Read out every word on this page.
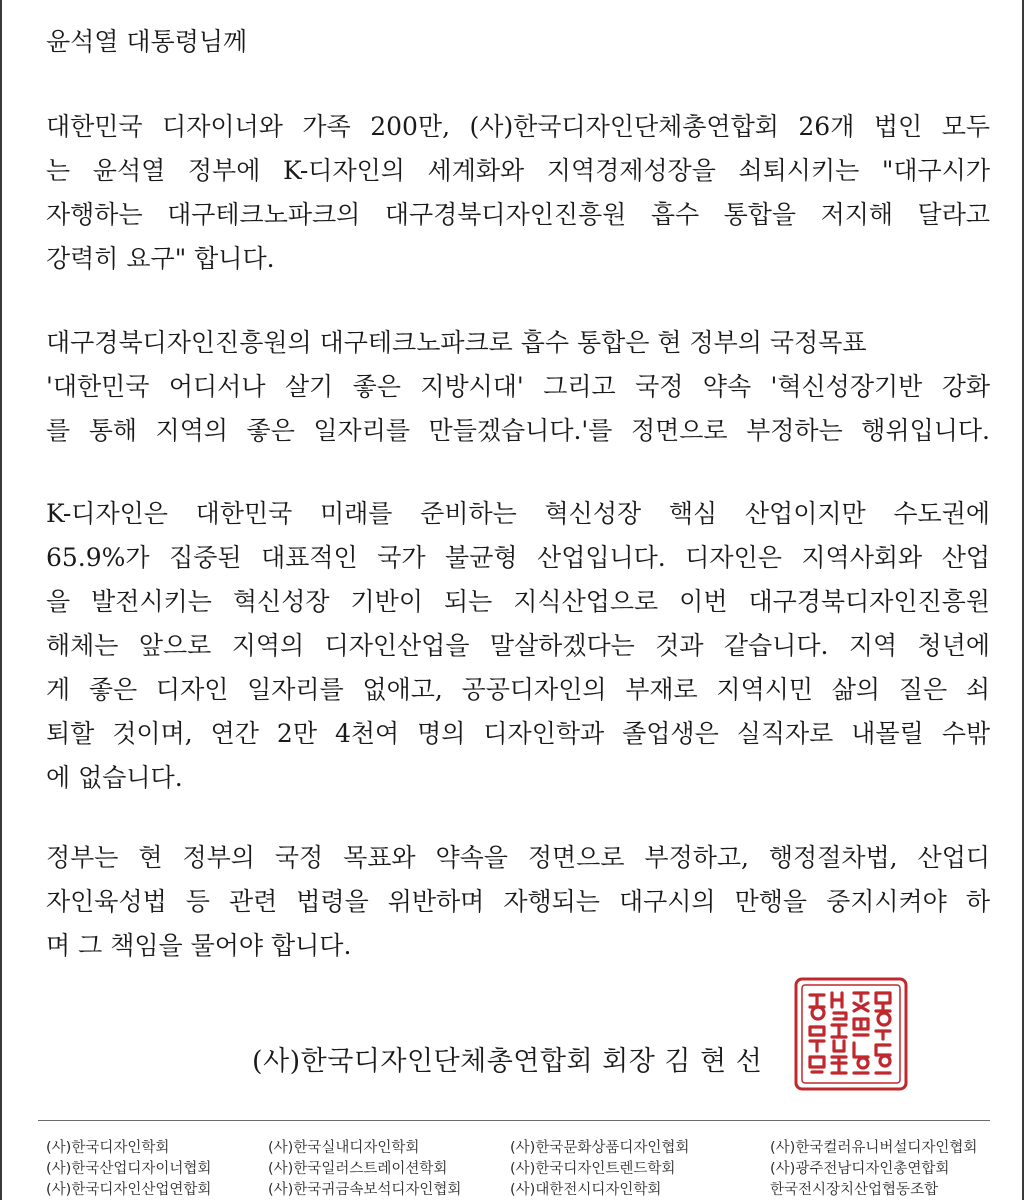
윤석열 대통령님께
대한민국 디자이너와 가족 200만, (사)한국디자인단체총연합회 26개 법인 모두
는 윤석열 정부에 K-디자인의 세계화와 지역경제성장을 쇠퇴시키는 "대구시가
자행하는 대구테크노파크의 대구경북디자인진흥원 흡수 통합을 저지해 달라고
강력히 요구" 합니다.
대구경북디자인진흥원의 대구테크노파크로 흡수 통합은 현 정부의 국정목표
'대한민국 어디서나 살기 좋은 지방시대' 그리고 국정 약속 '혁신성장기반 강화
를 통해 지역의 좋은 일자리를 만들겠습니다.'를 정면으로 부정하는 행위입니다.
K-디자인은 대한민국 미래를 준비하는 혁신성장 핵심 산업이지만 수도권에
65.9%가 집중된 대표적인 국가 불균형 산업입니다. 디자인은 지역사회와 산업
을 발전시키는 혁신성장 기반이 되는 지식산업으로 이번 대구경북디자인진흥원
해체는 앞으로 지역의 디자인산업을 말살하겠다는 것과 같습니다. 지역 청년에
게 좋은 디자인 일자리를 없애고, 공공디자인의 부재로 지역시민 삶의 질은 쇠
퇴할 것이며, 연간 2만 4천여 명의 디자인학과 졸업생은 실직자로 내몰릴 수밖
에 없습니다.
정부는 현 정부의 국정 목표와 약속을 정면으로 부정하고, 행정절차법, 산업디
자인육성법 등 관련 법령을 위반하며 자행되는 대구시의 만행을 중지시켜야 하
며 그 책임을 물어야 합니다.
(사)한국디자인단체총연합회 회장 김 현 선
(사)한국디자인학회	(사)한국실내디자인학회	(사)한국문화상품디자인협회	(사)한국컬러유니버설디자인협회
(사)한국산업디자이너협회	(사)한국일러스트레이션학회	(사)한국디자인트렌드학회	(사)광주전남디자인총연합회
(사)한국디자인산업연합회	(사)한국귀금속보석디자인협회	(사)대한전시디자인학회	한국전시장치산업협동조합
